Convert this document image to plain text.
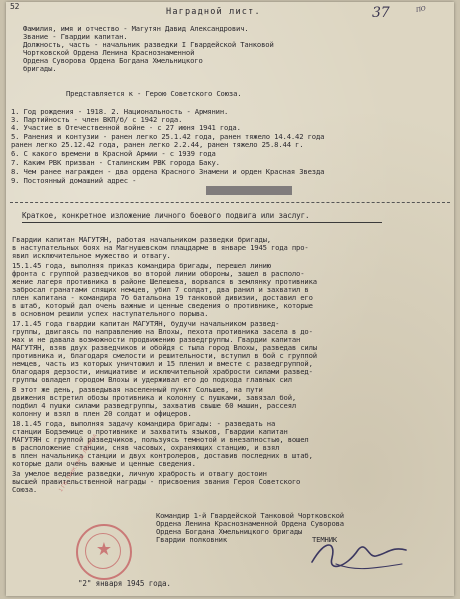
52
Наградной лист.	37	ПО
Фамилия, имя и отчество - Магутян Давид Александрович.
Звание - Гвардии капитан.
Должность, часть - начальник разведки I Гвардейской Танковой
Чортковской Ордена Ленина Краснознаменной
Ордена Суворова Ордена Богдана Хмельницкого
бригады.
Представляется к - Герою Советского Союза.
1. Год рождения - 1918. 2. Национальность - Армянин.
3. Партийность - член ВКП/б/ с 1942 года.
4. Участие в Отечественной войне - с 27 июня 1941 года.
5. Ранения и контузии - ранен легко 25.1.42 года, ранен тяжело 14.4.42 года
ранен легко 25.12.42 года, ранен легко 2.2.44, ранен тяжело 25.8.44 г.
6. С какого времени в Красной Армии - с 1939 года
7. Каким РВК призван - Сталинским РВК города Баку.
8. Чем ранее награжден - два ордена Красного Знамени и орден Красная Звезда
9. Постоянный домашний адрес -
Краткое, конкретное изложение личного боевого подвига или заслуг.
Гвардии капитан МАГУТЯН, работая начальником разведки бригады,
в наступательных боях на Магнушевском плацдарме в январе 1945 года про-
явил исключительное мужество и отвагу.
15.1.45 года, выполняя приказ командира бригады, перешел линию
фронта с группой разведчиков во второй линии обороны, зашел в располо-
жение лагеря противника в районе Шелешева, ворвался в землянку противника
забросал гранатами спящих немцев, убил 7 солдат, два ранил и захватил в
плен капитана - командира 7б батальона 19 танковой дивизии, доставил его
в штаб, который дал очень важные и ценные сведения о противнике, которые
в основном решили успех наступательного порыва.
17.1.45 года гвардии капитан МАГУТЯН, будучи начальником развед-
группы, двигаясь по направлению на Влохы, пехота противника засела в до-
мах и не давала возможности продвижению разведгруппы. Гвардии капитан
МАГУТЯН, взяв двух разведчиков и обойдя с тыла город Влохы, разведав силы
противника и, благодаря смелости и решительности, вступил в бой с группой
немцев, часть из которых уничтожил и 15 пленил и вместе с разведгруппой,
благодаря дерзости, инициативе и исключительной храбрости силами развед-
группы овладел городом Влохы и удерживал его до подхода главных сил
В этот же день, разведывая населенный пункт Сольшев, на пути
движения встретил обозы противника и колонну с пушками, завязал бой,
подбил 4 пушки силами разведгруппы, захватив свыше 60 машин, рассеял
колонну и взял в плен 20 солдат и офицеров.
18.1.45 года, выполняя задачу командира бригады: - разведать на
станции Бодземице о противнике и захватить языков, Гвардии капитан
МАГУТЯН с группой разведчиков, пользуясь темнотой и внезапностью, вошел
в расположение станции, сняв часовых, охраняющих станцию, и взял
в плен начальника станции и двух контролеров, доставив последних в штаб,
которые дали очень важные и ценные сведения.
За умелое ведение разведки, личную храбрость и отвагу достоин
высшей правительственной награды - присвоения звания Героя Советского
Союза.
Командир 1-й Гвардейской Танковой Чортковской
Ордена Ленина Краснознаменной Ордена Суворова
Ордена Богдана Хмельницкого бригады
Гвардии полковник	ТЕМНИК
★
1 ГВ. ТАНК. ОРД. ЛЕНИНА
"2" января 1945 года.
